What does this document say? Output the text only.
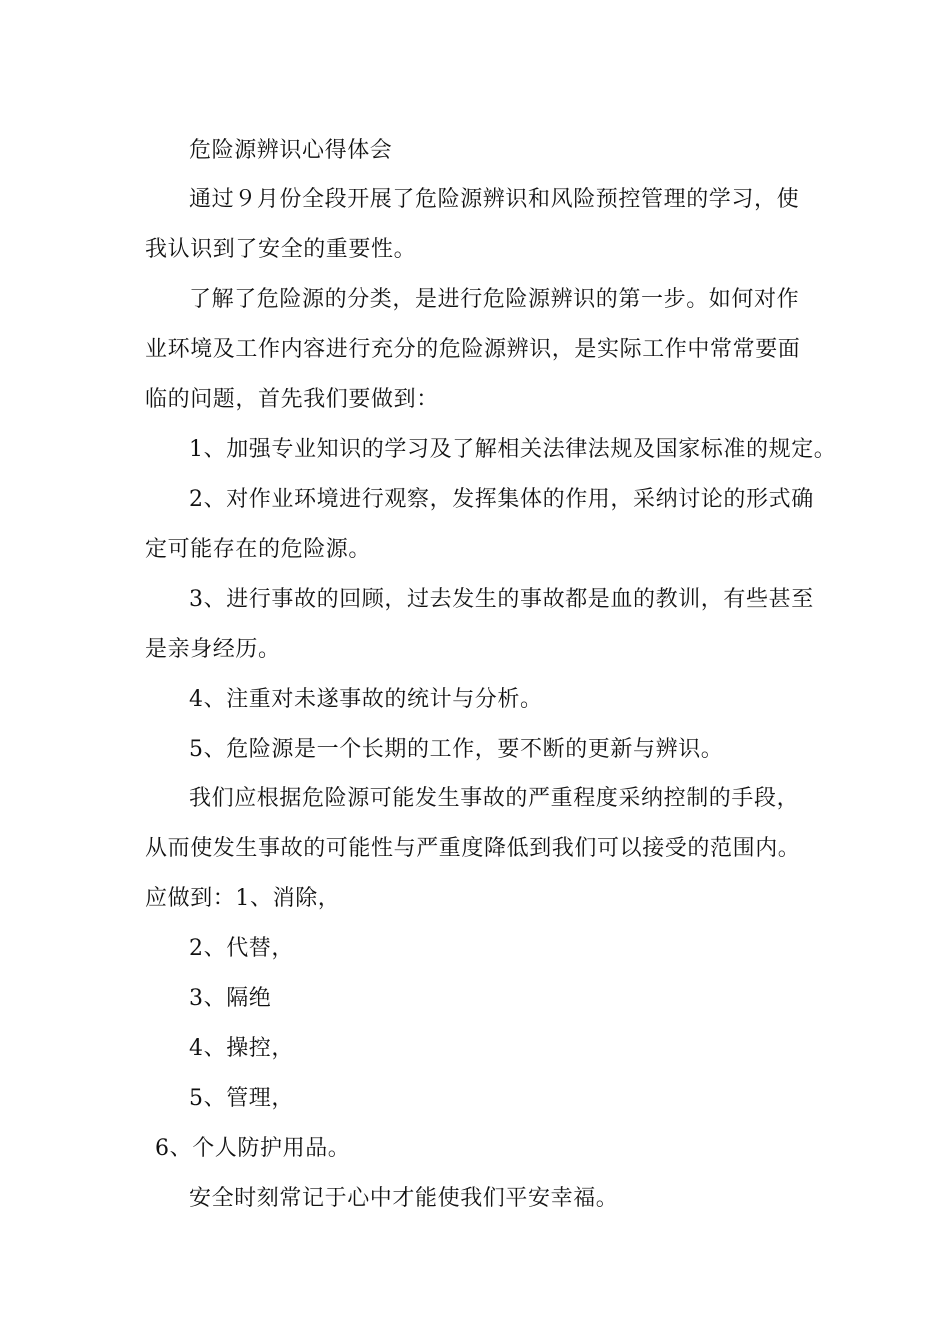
危险源辨识心得体会
通过９月份全段开展了危险源辨识和风险预控管理的学习，使
我认识到了安全的重要性。
了解了危险源的分类，是进行危险源辨识的第一步。如何对作
业环境及工作内容进行充分的危险源辨识，是实际工作中常常要面
临的问题，首先我们要做到：
1、加强专业知识的学习及了解相关法律法规及国家标准的规定。
2、对作业环境进行观察，发挥集体的作用，采纳讨论的形式确
定可能存在的危险源。
3、进行事故的回顾，过去发生的事故都是血的教训，有些甚至
是亲身经历。
4、注重对未遂事故的统计与分析。
5、危险源是一个长期的工作，要不断的更新与辨识。
我们应根据危险源可能发生事故的严重程度采纳控制的手段，
从而使发生事故的可能性与严重度降低到我们可以接受的范围内。
应做到：1、消除，
2、代替，
3、隔绝
4、操控，
5、管理，
6、个人防护用品。
安全时刻常记于心中才能使我们平安幸福。
